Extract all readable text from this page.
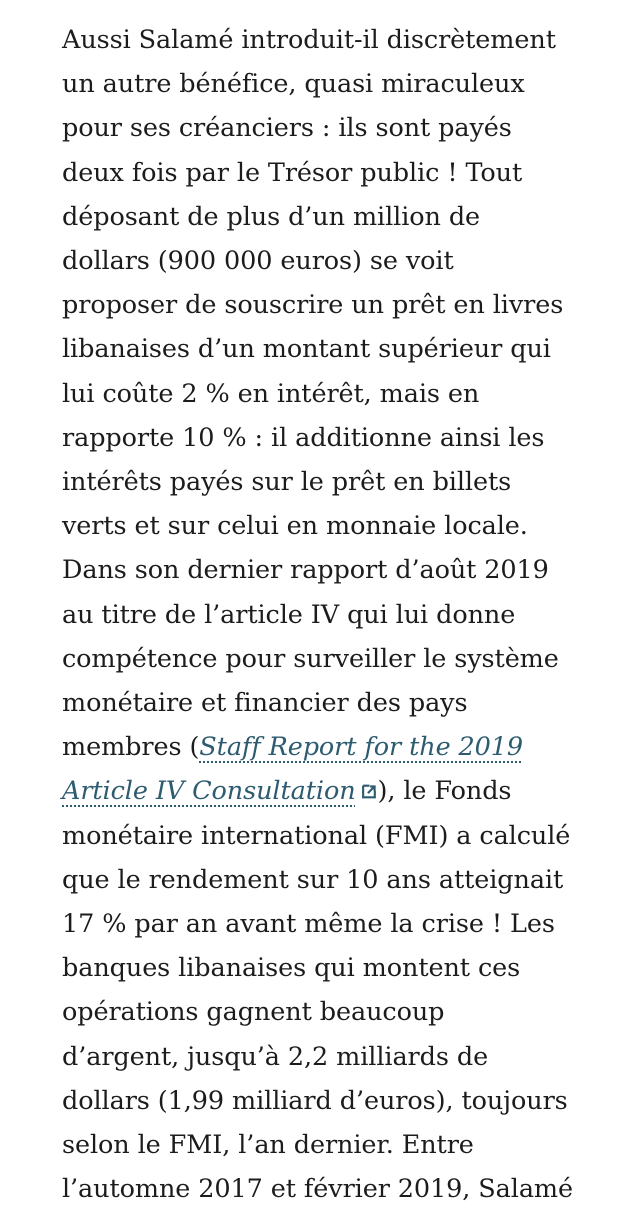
Aussi Salamé introduit-il discrètement
un autre bénéfice, quasi miraculeux
pour ses créanciers : ils sont payés
deux fois par le Trésor public ! Tout
déposant de plus d’un million de
dollars (900 000 euros) se voit
proposer de souscrire un prêt en livres
libanaises d’un montant supérieur qui
lui coûte 2 % en intérêt, mais en
rapporte 10 % : il additionne ainsi les
intérêts payés sur le prêt en billets
verts et sur celui en monnaie locale.
Dans son dernier rapport d’août 2019
au titre de l’article IV qui lui donne
compétence pour surveiller le système
monétaire et financier des pays
membres (Staff Report for the 2019
Article IV Consultation ), le Fonds
monétaire international (FMI) a calculé
que le rendement sur 10 ans atteignait
17 % par an avant même la crise ! Les
banques libanaises qui montent ces
opérations gagnent beaucoup
d’argent, jusqu’à 2,2 milliards de
dollars (1,99 milliard d’euros), toujours
selon le FMI, l’an dernier. Entre
l’automne 2017 et février 2019, Salamé
